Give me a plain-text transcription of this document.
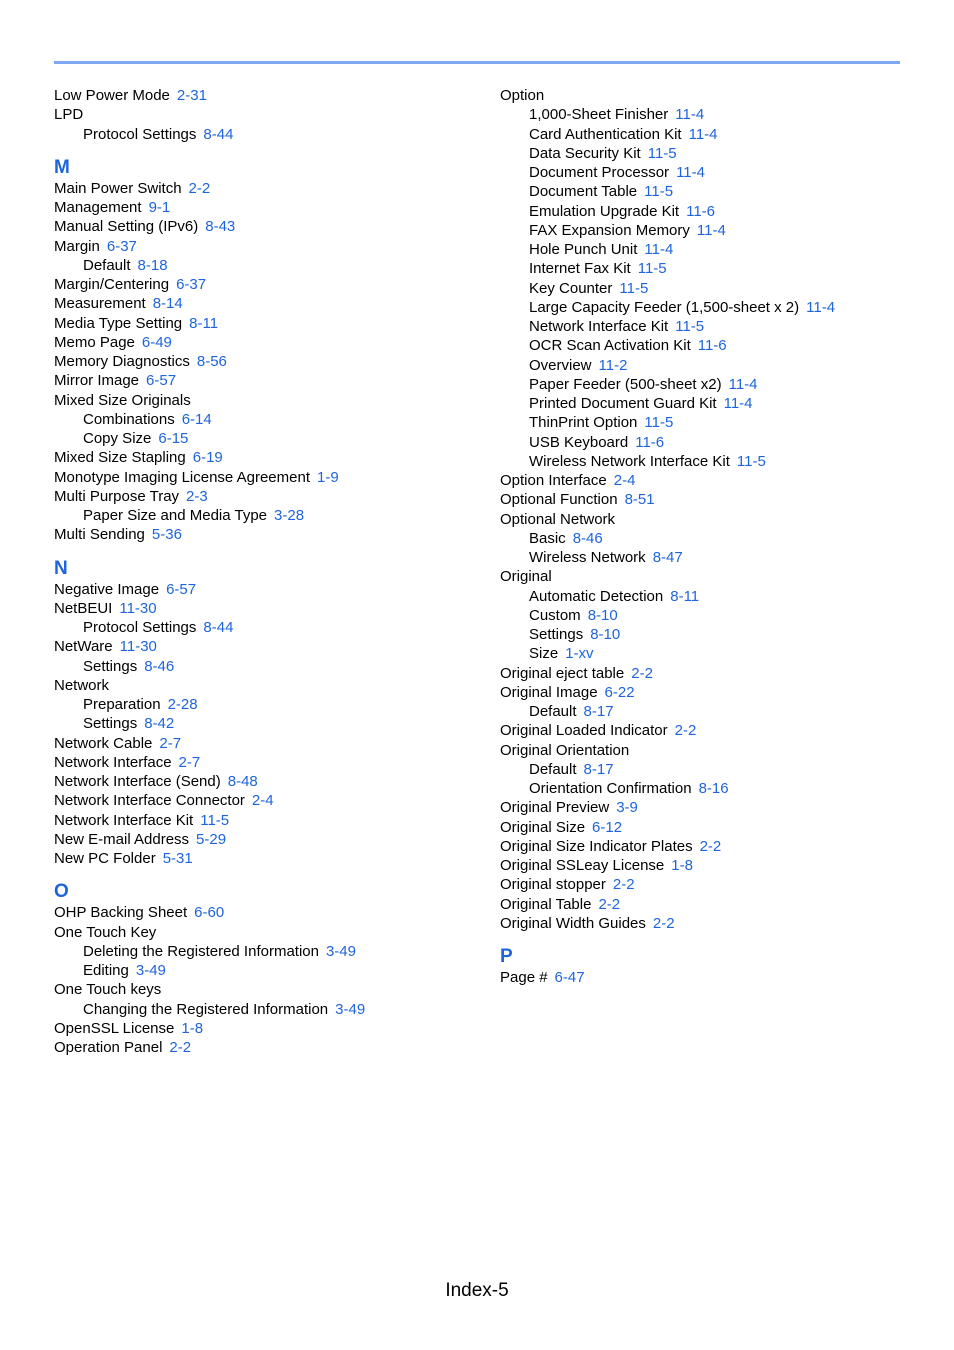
Low Power Mode 2-31
LPD
Protocol Settings 8-44
M
Main Power Switch 2-2
Management 9-1
Manual Setting (IPv6) 8-43
Margin 6-37
Default 8-18
Margin/Centering 6-37
Measurement 8-14
Media Type Setting 8-11
Memo Page 6-49
Memory Diagnostics 8-56
Mirror Image 6-57
Mixed Size Originals
Combinations 6-14
Copy Size 6-15
Mixed Size Stapling 6-19
Monotype Imaging License Agreement 1-9
Multi Purpose Tray 2-3
Paper Size and Media Type 3-28
Multi Sending 5-36
N
Negative Image 6-57
NetBEUI 11-30
Protocol Settings 8-44
NetWare 11-30
Settings 8-46
Network
Preparation 2-28
Settings 8-42
Network Cable 2-7
Network Interface 2-7
Network Interface (Send) 8-48
Network Interface Connector 2-4
Network Interface Kit 11-5
New E-mail Address 5-29
New PC Folder 5-31
O
OHP Backing Sheet 6-60
One Touch Key
Deleting the Registered Information 3-49
Editing 3-49
One Touch keys
Changing the Registered Information 3-49
OpenSSL License 1-8
Operation Panel 2-2
Option
1,000-Sheet Finisher 11-4
Card Authentication Kit 11-4
Data Security Kit 11-5
Document Processor 11-4
Document Table 11-5
Emulation Upgrade Kit 11-6
FAX Expansion Memory 11-4
Hole Punch Unit 11-4
Internet Fax Kit 11-5
Key Counter 11-5
Large Capacity Feeder (1,500-sheet x 2) 11-4
Network Interface Kit 11-5
OCR Scan Activation Kit 11-6
Overview 11-2
Paper Feeder (500-sheet x2) 11-4
Printed Document Guard Kit 11-4
ThinPrint Option 11-5
USB Keyboard 11-6
Wireless Network Interface Kit 11-5
Option Interface 2-4
Optional Function 8-51
Optional Network
Basic 8-46
Wireless Network 8-47
Original
Automatic Detection 8-11
Custom 8-10
Settings 8-10
Size 1-xv
Original eject table 2-2
Original Image 6-22
Default 8-17
Original Loaded Indicator 2-2
Original Orientation
Default 8-17
Orientation Confirmation 8-16
Original Preview 3-9
Original Size 6-12
Original Size Indicator Plates 2-2
Original SSLeay License 1-8
Original stopper 2-2
Original Table 2-2
Original Width Guides 2-2
P
Page # 6-47
Index-5
